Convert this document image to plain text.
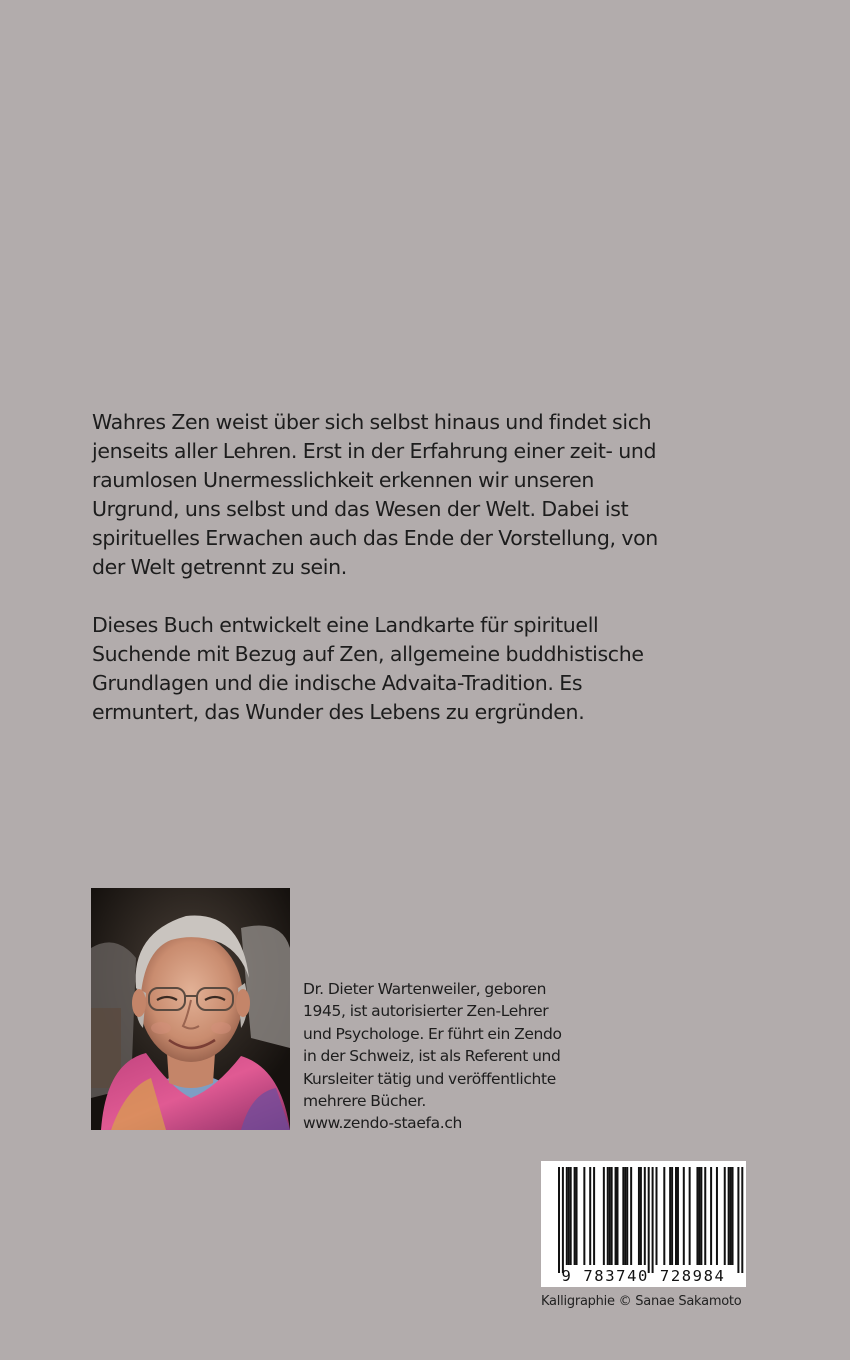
Wahres Zen weist über sich selbst hinaus und findet sich
jenseits aller Lehren. Erst in der Erfahrung einer zeit- und
raumlosen Unermesslichkeit erkennen wir unseren
Urgrund, uns selbst und das Wesen der Welt. Dabei ist
spirituelles Erwachen auch das Ende der Vorstellung, von
der Welt getrennt zu sein.
Dieses Buch entwickelt eine Landkarte für spirituell
Suchende mit Bezug auf Zen, allgemeine buddhistische
Grundlagen und die indische Advaita-Tradition. Es
ermuntert, das Wunder des Lebens zu ergründen.
Dr. Dieter Wartenweiler, geboren
1945, ist autorisierter Zen-Lehrer
und Psychologe. Er führt ein Zendo
in der Schweiz, ist als Referent und
Kursleiter tätig und veröffentlichte
mehrere Bücher.
www.zendo-staefa.ch
9 783740 728984
Kalligraphie © Sanae Sakamoto
